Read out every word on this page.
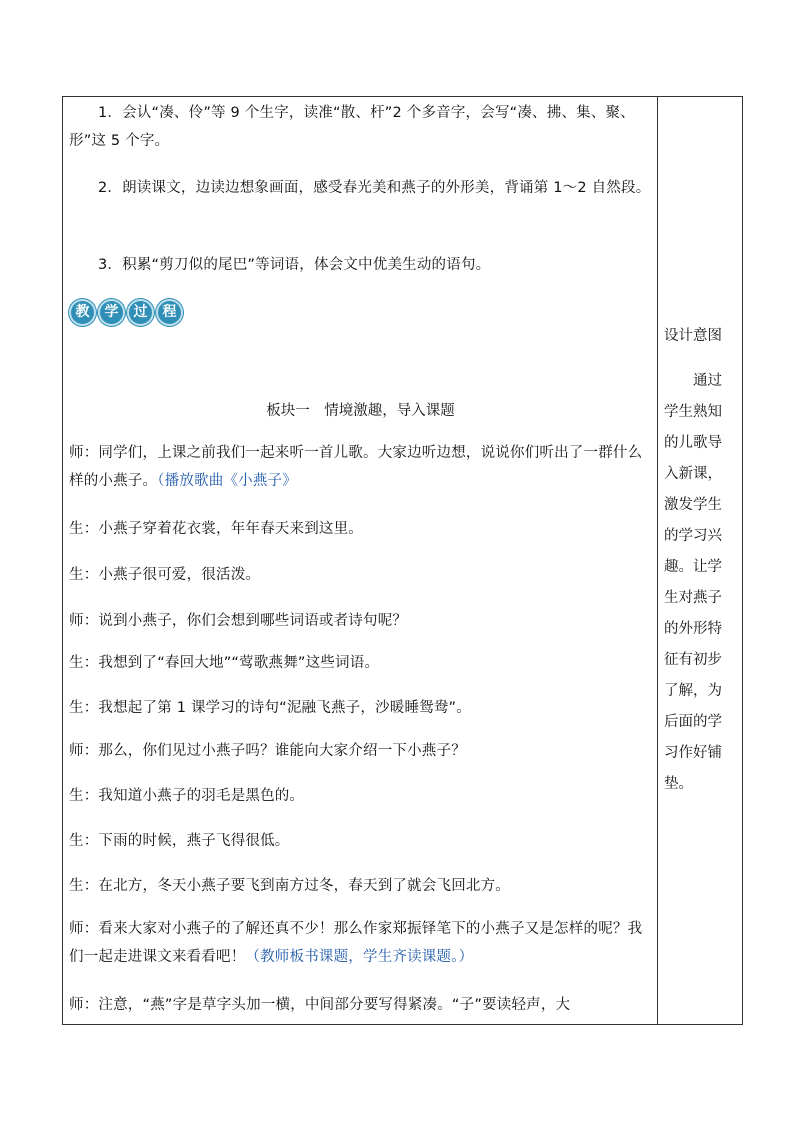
1．会认“凑、伶”等 9 个生字，读准“散、杆”2 个多音字，会写“凑、拂、集、聚、形”这 5 个字。

2．朗读课文，边读边想象画面，感受春光美和燕子的外形美，背诵第 1～2 自然段。

3．积累“剪刀似的尾巴”等词语，体会文中优美生动的语句。

教	学	过	程
板块一　情境激趣，导入课题

师：同学们，上课之前我们一起来听一首儿歌。大家边听边想，说说你们听出了一群什么样的小燕子。（播放歌曲《小燕子》

生：小燕子穿着花衣裳，年年春天来到这里。

生：小燕子很可爱，很活泼。

师：说到小燕子，你们会想到哪些词语或者诗句呢？

生：我想到了“春回大地”“莺歌燕舞”这些词语。

生：我想起了第 1 课学习的诗句“泥融飞燕子，沙暖睡鸳鸯”。

师：那么，你们见过小燕子吗？谁能向大家介绍一下小燕子？

生：我知道小燕子的羽毛是黑色的。

生：下雨的时候，燕子飞得很低。

生：在北方，冬天小燕子要飞到南方过冬，春天到了就会飞回北方。

师：看来大家对小燕子的了解还真不少！那么作家郑振铎笔下的小燕子又是怎样的呢？我们一起走进课文来看看吧！（教师板书课题，学生齐读课题。）

师：注意，“燕”字是草字头加一横，中间部分要写得紧凑。“子”要读轻声，大

设计意图

通过学生熟知的儿歌导入新课，激发学生的学习兴趣。让学生对燕子的外形特征有初步了解，为后面的学习作好铺垫。
